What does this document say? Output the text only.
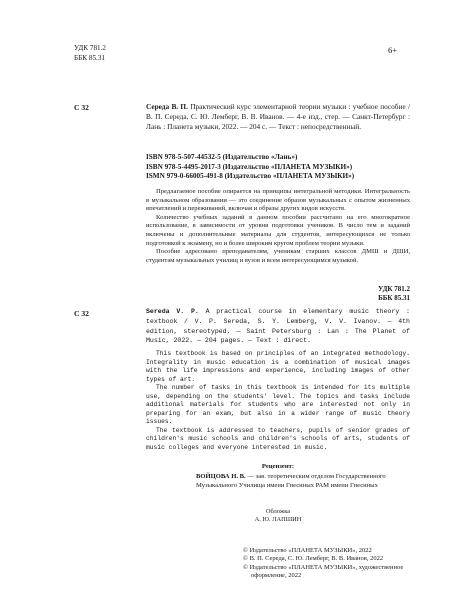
УДК 781.2
ББК 85.31
6+
С 32	Середа В. П. Практический курс элементарной теории музыки : учебное пособие / В. П. Середа, С. Ю. Лемберг, В. В. Иванов. — 4-е изд., стер. — Санкт-Петербург : Лань : Планета музыки, 2022. — 204 с. — Текст : непосредственный.

ISBN 978-5-507-44532-5 (Издательство «Лань»)
ISBN 978-5-4495-2017-3 (Издательство «ПЛАНЕТА МУЗЫКИ»)
ISMN 979-0-66005-491-8 (Издательство «ПЛАНЕТА МУЗЫКИ»)

Предлагаемое пособие опирается на принципы интегральной методики. Интегральность в музыкальном образовании — это соединение образов музыкальных с опытом жизненных впечатлений и переживаний, включая и образы других видов искусств.

Количество учебных заданий в данном пособии рассчитано на его многократное использование, в зависимости от уровня подготовки учеников. В число тем и заданий включены и дополнительные материалы для студентов, интересующихся не только подготовкой к экзамену, но и более широким кругом проблем теории музыки.

Пособие адресовано преподавателям, ученикам старших классов ДМШ и ДШИ, студентам музыкальных училищ и вузов и всем интересующимся музыкой.

УДК 781.2
ББК 85.31
С 32	Sereda V. P. A practical course in elementary music theory : textbook / V. P. Sereda, S. Y. Lemberg, V. V. Ivanov. — 4th edition, stereotyped. — Saint Petersburg : Lan : The Planet of Music, 2022. — 204 pages. — Text : direct.

This textbook is based on principles of an integrated methodology. Integrality in music education is a combination of musical images with the life impressions and experience, including images of other types of art.

The number of tasks in this textbook is intended for its multiple use, depending on the students' level. The topics and tasks include additional materials for students who are interested not only in preparing for an exam, but also in a wider range of music theory issues.

The textbook is addressed to teachers, pupils of senior grades of children's music schools and children's schools of arts, students of music colleges and everyone interested in music.

Рецензент:
ВОЙЦОВА Н. В. — зав. теоретическим отделом Государственного Музыкального Училища имени Гнесиных РАМ имени Гнесиных
Обложка
А. Ю. ЛАПШИН
© Издательство «ПЛАНЕТА МУЗЫКИ», 2022
© В. П. Середа, С. Ю. Лемберг, В. В. Иванов, 2022
© Издательство «ПЛАНЕТА МУЗЫКИ», художественное оформление, 2022
